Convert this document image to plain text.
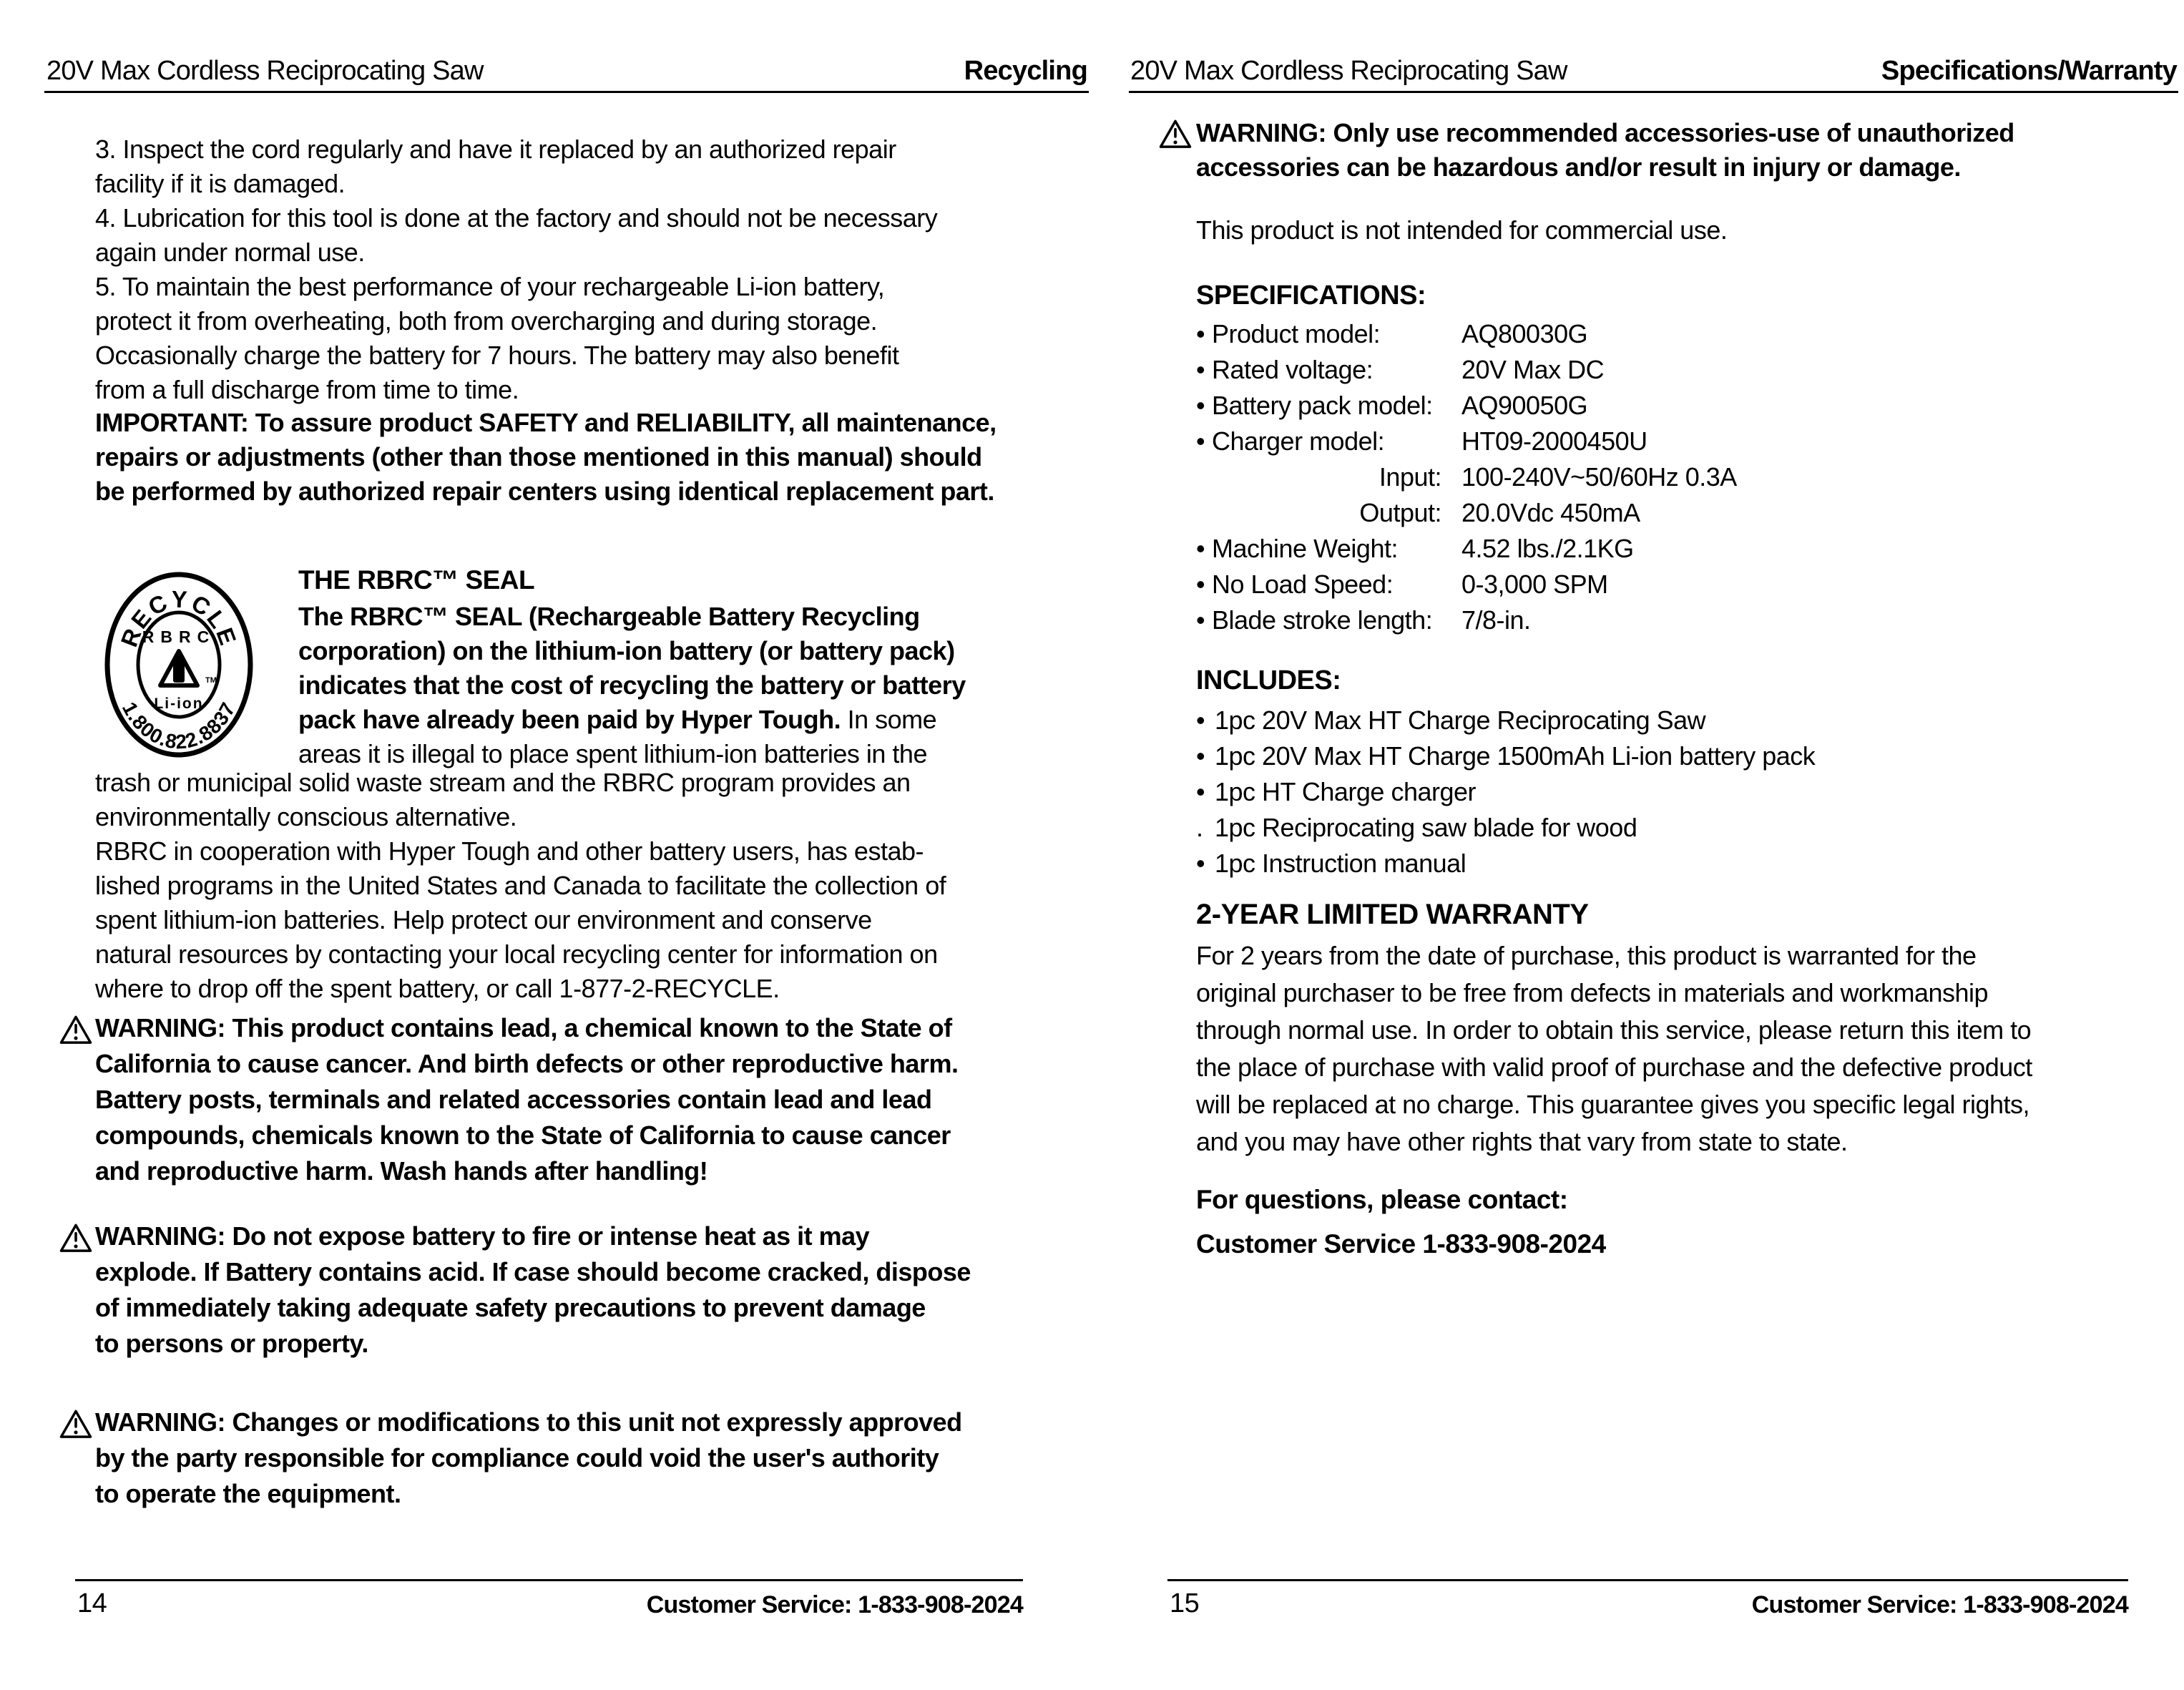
20V Max Cordless Reciprocating Saw	Recycling
3. Inspect the cord regularly and have it replaced by an authorized repair
facility if it is damaged.
4. Lubrication for this tool is done at the factory and should not be necessary
again under normal use.
5. To maintain the best performance of your rechargeable Li-ion battery,
protect it from overheating, both from overcharging and during storage.
Occasionally charge the battery for 7 hours. The battery may also benefit
from a full discharge from time to time.
IMPORTANT: To assure product SAFETY and RELIABILITY, all maintenance,
repairs or adjustments (other than those mentioned in this manual) should
be performed by authorized repair centers using identical replacement part.
RECYCLE
1.800.822.8837
RBRC
TM
Li-ion
THE RBRC™ SEAL
The RBRC™ SEAL (Rechargeable Battery Recycling
corporation) on the lithium-ion battery (or battery pack)
indicates that the cost of recycling the battery or battery
pack have already been paid by Hyper Tough. In some
areas it is illegal to place spent lithium-ion batteries in the
trash or municipal solid waste stream and the RBRC program provides an
environmentally conscious alternative.
RBRC in cooperation with Hyper Tough and other battery users, has estab-
lished programs in the United States and Canada to facilitate the collection of
spent lithium-ion batteries. Help protect our environment and conserve
natural resources by contacting your local recycling center for information on
where to drop off the spent battery, or call 1-877-2-RECYCLE.
WARNING: This product contains lead, a chemical known to the State of
California to cause cancer. And birth defects or other reproductive harm.
Battery posts, terminals and related accessories contain lead and lead
compounds, chemicals known to the State of California to cause cancer
and reproductive harm. Wash hands after handling!
WARNING: Do not expose battery to fire or intense heat as it may
explode. If Battery contains acid. If case should become cracked, dispose
of immediately taking adequate safety precautions to prevent damage
to persons or property.
WARNING: Changes or modifications to this unit not expressly approved
by the party responsible for compliance could void the user's authority
to operate the equipment.
14	Customer Service: 1-833-908-2024
20V Max Cordless Reciprocating Saw	Specifications/Warranty
WARNING: Only use recommended accessories-use of unauthorized
accessories can be hazardous and/or result in injury or damage.
This product is not intended for commercial use.
SPECIFICATIONS:
• Product model:	AQ80030G
• Rated voltage:	20V Max DC
• Battery pack model:	AQ90050G
• Charger model:	HT09-2000450U
Input: 100-240V~50/60Hz 0.3A
Output: 20.0Vdc 450mA
• Machine Weight:	4.52 lbs./2.1KG
• No Load Speed:	0-3,000 SPM
• Blade stroke length:	7/8-in.
INCLUDES:
• 1pc 20V Max HT Charge Reciprocating Saw
• 1pc 20V Max HT Charge 1500mAh Li-ion battery pack
• 1pc HT Charge charger
. 1pc Reciprocating saw blade for wood
• 1pc Instruction manual
2-YEAR LIMITED WARRANTY
For 2 years from the date of purchase, this product is warranted for the
original purchaser to be free from defects in materials and workmanship
through normal use. In order to obtain this service, please return this item to
the place of purchase with valid proof of purchase and the defective product
will be replaced at no charge. This guarantee gives you specific legal rights,
and you may have other rights that vary from state to state.
For questions, please contact:
Customer Service 1-833-908-2024
15	Customer Service: 1-833-908-2024
